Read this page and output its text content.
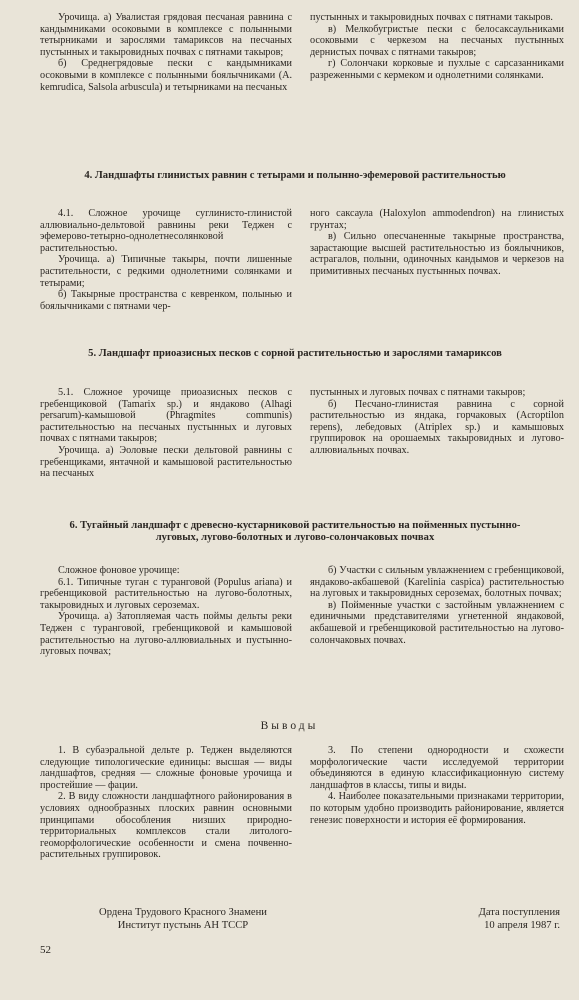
Урочища. а) Увалистая грядовая песчаная равнина с кандымниками осоковыми в комплексе с полынными тетырниками и зарослями тамариксов на песчаных пустынных и такыровидных почвах с пятнами такыров;

б) Среднегрядовые пески с кандымниками осоковыми в комплексе с полынными боялычниками (A. kemrudica, Salsola arbuscula) и тетырниками на песчаных

пустынных и такыровидных почвах с пятнами такыров.

в) Мелкобугристые пески с белосаксаульниками осоковыми с черкезом на песчаных пустынных дернистых почвах с пятнами такыров;

г) Солончаки корковые и пухлые с сарсазанниками разреженными с кермеком и однолетними солянками.

4. Ландшафты глинистых равнин с тетырами и полынно-эфемеровой растительностью

4.1. Сложное урочище суглинисто-глинистой аллювиально-дельтовой равнины реки Теджен с эфемерово-тетырно-однолетнесолянковой растительностью.

Урочища. а) Типичные такыры, почти лишенные растительности, с редкими однолетними солянками и тетырами;

б) Такырные пространства с кевренком, полынью и боялычниками с пятнами чер-

ного саксаула (Haloxylon ammodendron) на глинистых грунтах;

в) Сильно опесчаненные такырные пространства, зарастающие высшей растительностью из боялычников, астрагалов, полыни, одиночных кандымов и черкезов на примитивных песчаных пустынных почвах.

5. Ландшафт приоазисных песков с сорной растительностью и зарослями тамариксов

5.1. Сложное урочище приоазисных песков с гребенщиковой (Tamarix sp.) и яндаково (Alhagi persarum)-камышовой (Phragmites communis) растительностью на песчаных пустынных и луговых почвах с пятнами такыров;

Урочища. а) Эоловые пески дельтовой равнины с гребенщиками, янтачной и камышовой растительностью на песчаных

пустынных и луговых почвах с пятнами такыров;

б) Песчано-глинистая равнина с сорной растительностью из яндака, горчаковых (Acroptilon repens), лебедовых (Atriplex sp.) и камышовых группировок на орошаемых такыровидных и лугово-аллювиальных почвах.

6. Тугайный ландшафт с древесно-кустарниковой растительностью на пойменных пустынно-луговых, лугово-болотных и лугово-солончаковых почвах

Сложное фоновое урочище:

6.1. Типичные туган с туранговой (Populus ariana) и гребенщиковой растительностью на лугово-болотных, такыровидных и луговых сероземах.

Урочища. а) Затопляемая часть поймы дельты реки Теджен с туранговой, гребенщиковой и камышовой растительностью на лугово-аллювиальных и пустынно-луговых почвах;

б) Участки с сильным увлажнением с гребенщиковой, яндаково-акбашевой (Karelinia caspica) растительностью на луговых и такыровидных сероземах, болотных почвах;

в) Пойменные участки с застойным увлажнением с единичными представителями угнетенной яндаковой, акбашевой и гребенщиковой растительностью на лугово-солончаковых почвах.

Выводы

1. В субаэральной дельте р. Теджен выделяются следующие типологические единицы: высшая — виды ландшафтов, средняя — сложные фоновые урочища и простейшие — фации.

2. В виду сложности ландшафтного районирования в условиях однообразных плоских равнин основными принципами обособления низших природно-территориальных комплексов стали литолого-геоморфологические особенности и смена почвенно-растительных группировок.

3. По степени однородности и схожести морфологические части исследуемой территории объединяются в единую классификационную систему ландшафтов в классы, типы и виды.

4. Наиболее показательными признаками территории, по которым удобно производить районирование, является генезис поверхности и история её формирования.

Ордена Трудового Красного Знамени
Институт пустынь АН ТССР
Дата поступления
10 апреля 1987 г.
52
